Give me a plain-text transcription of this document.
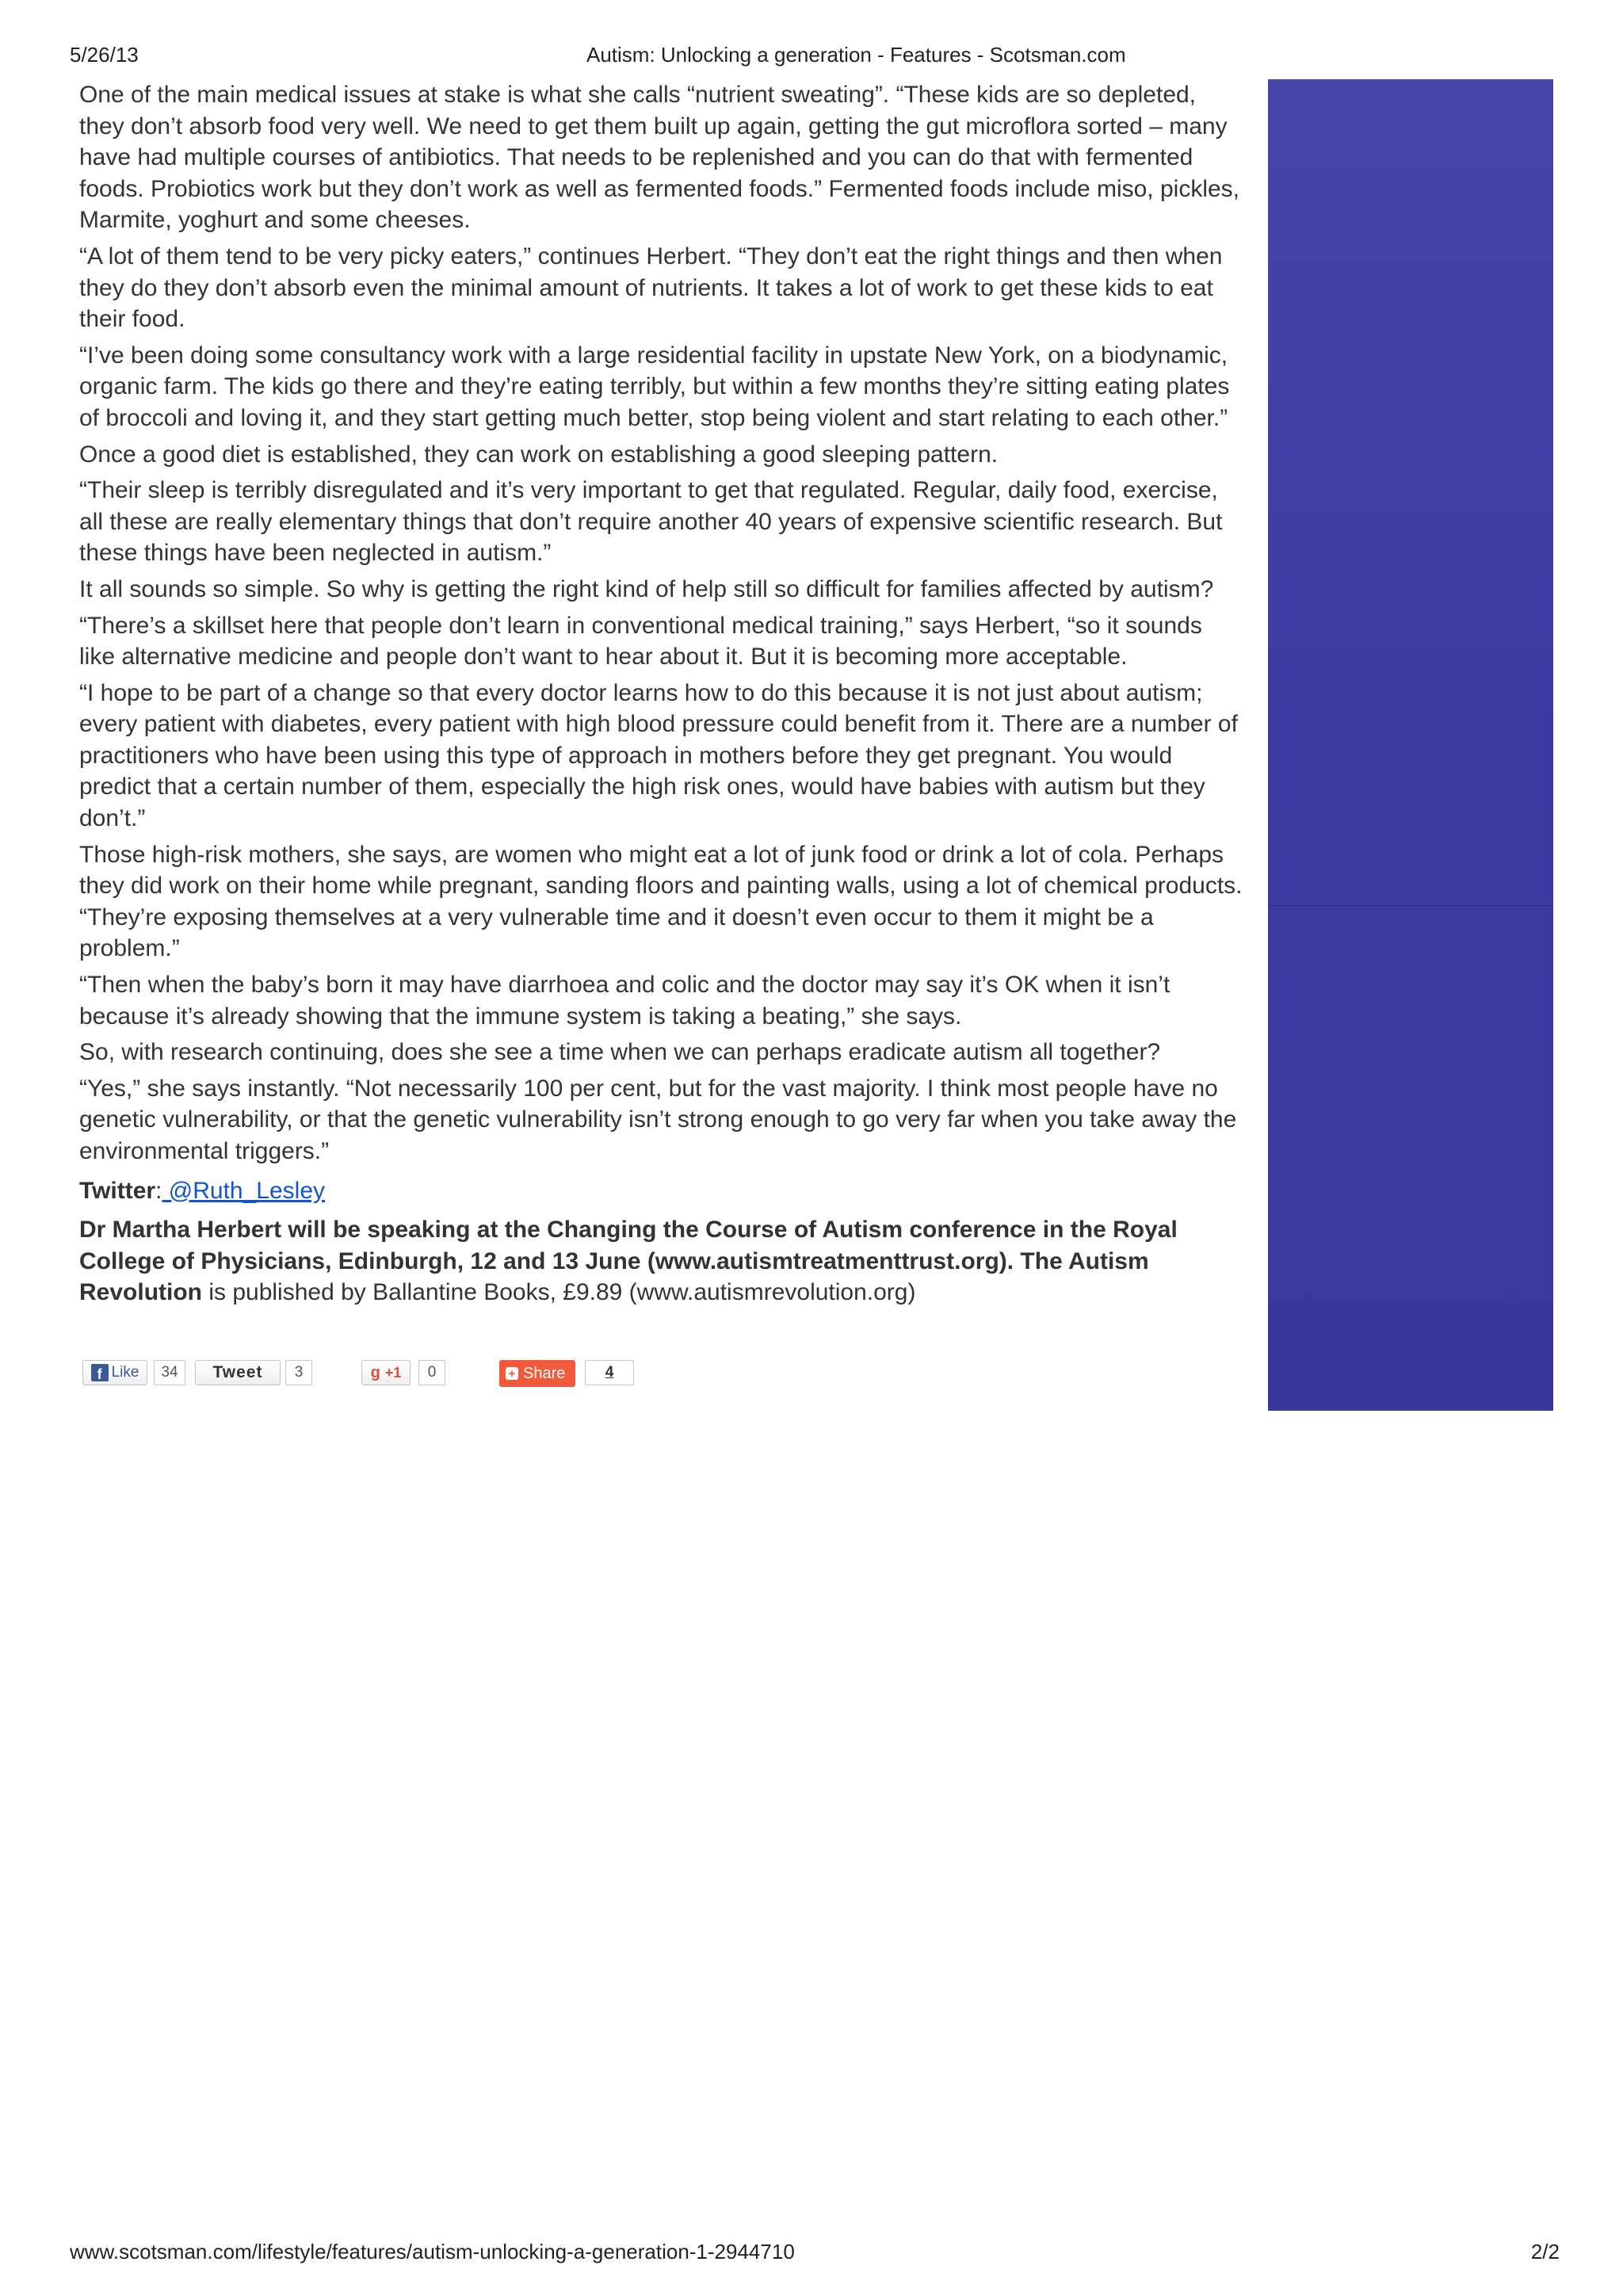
5/26/13	Autism: Unlocking a generation - Features - Scotsman.com

One of the main medical issues at stake is what she calls “nutrient sweating”. “These kids are so depleted, they don’t absorb food very well. We need to get them built up again, getting the gut microflora sorted – many have had multiple courses of antibiotics. That needs to be replenished and you can do that with fermented foods. Probiotics work but they don’t work as well as fermented foods.” Fermented foods include miso, pickles, Marmite, yoghurt and some cheeses.

“A lot of them tend to be very picky eaters,” continues Herbert. “They don’t eat the right things and then when they do they don’t absorb even the minimal amount of nutrients. It takes a lot of work to get these kids to eat their food.

“I’ve been doing some consultancy work with a large residential facility in upstate New York, on a biodynamic, organic farm. The kids go there and they’re eating terribly, but within a few months they’re sitting eating plates of broccoli and loving it, and they start getting much better, stop being violent and start relating to each other.”

Once a good diet is established, they can work on establishing a good sleeping pattern.

“Their sleep is terribly disregulated and it’s very important to get that regulated. Regular, daily food, exercise, all these are really elementary things that don’t require another 40 years of expensive scientific research. But these things have been neglected in autism.”

It all sounds so simple. So why is getting the right kind of help still so difficult for families affected by autism?

“There’s a skillset here that people don’t learn in conventional medical training,” says Herbert, “so it sounds like alternative medicine and people don’t want to hear about it. But it is becoming more acceptable.

“I hope to be part of a change so that every doctor learns how to do this because it is not just about autism; every patient with diabetes, every patient with high blood pressure could benefit from it. There are a number of practitioners who have been using this type of approach in mothers before they get pregnant. You would predict that a certain number of them, especially the high risk ones, would have babies with autism but they don’t.”

Those high-risk mothers, she says, are women who might eat a lot of junk food or drink a lot of cola. Perhaps they did work on their home while pregnant, sanding floors and painting walls, using a lot of chemical products. “They’re exposing themselves at a very vulnerable time and it doesn’t even occur to them it might be a problem.”

“Then when the baby’s born it may have diarrhoea and colic and the doctor may say it’s OK when it isn’t because it’s already showing that the immune system is taking a beating,” she says.

So, with research continuing, does she see a time when we can perhaps eradicate autism all together?

“Yes,” she says instantly. “Not necessarily 100 per cent, but for the vast majority. I think most people have no genetic vulnerability, or that the genetic vulnerability isn’t strong enough to go very far when you take away the environmental triggers.”

Twitter: @Ruth_Lesley

Dr Martha Herbert will be speaking at the Changing the Course of Autism conference in the Royal College of Physicians, Edinburgh, 12 and 13 June (www.autismtreatmenttrust.org). The Autism Revolution is published by Ballantine Books, £9.89 (www.autismrevolution.org)

f Like	34	Tweet	3	g +1	0	+ Share	4
www.scotsman.com/lifestyle/features/autism-unlocking-a-generation-1-2944710	2/2
